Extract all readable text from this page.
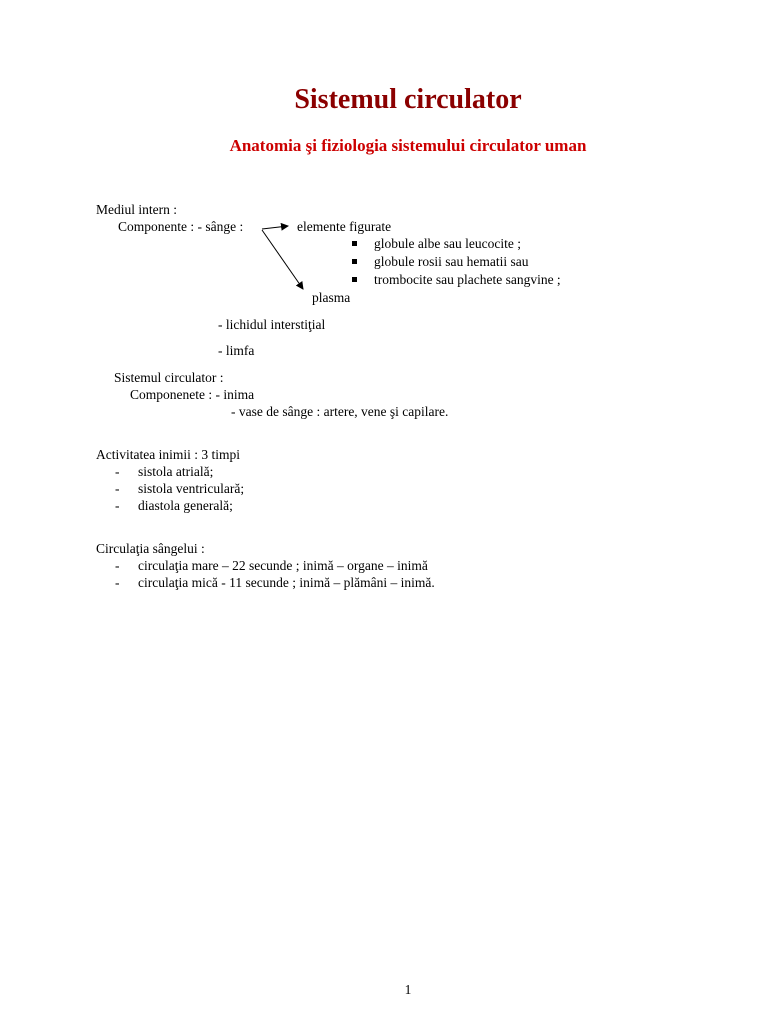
Sistemul circulator
Anatomia şi fiziologia sistemului circulator uman
Mediul intern :
Componente : - sânge :	elemente figurate
globule albe sau leucocite ;
globule rosii sau hematii sau
trombocite sau plachete sangvine ;
plasma
- lichidul interstiţial
- limfa
Sistemul circulator :
Componenete : - inima
- vase de sânge : artere, vene şi capilare.
Activitatea inimii : 3 timpi
- sistola atrială;
- sistola ventriculară;
- diastola generală;
Circulaţia sângelui :
- circulaţia mare – 22 secunde ; inimă – organe – inimă
- circulaţia mică - 11 secunde ; inimă – plămâni – inimă.
1
